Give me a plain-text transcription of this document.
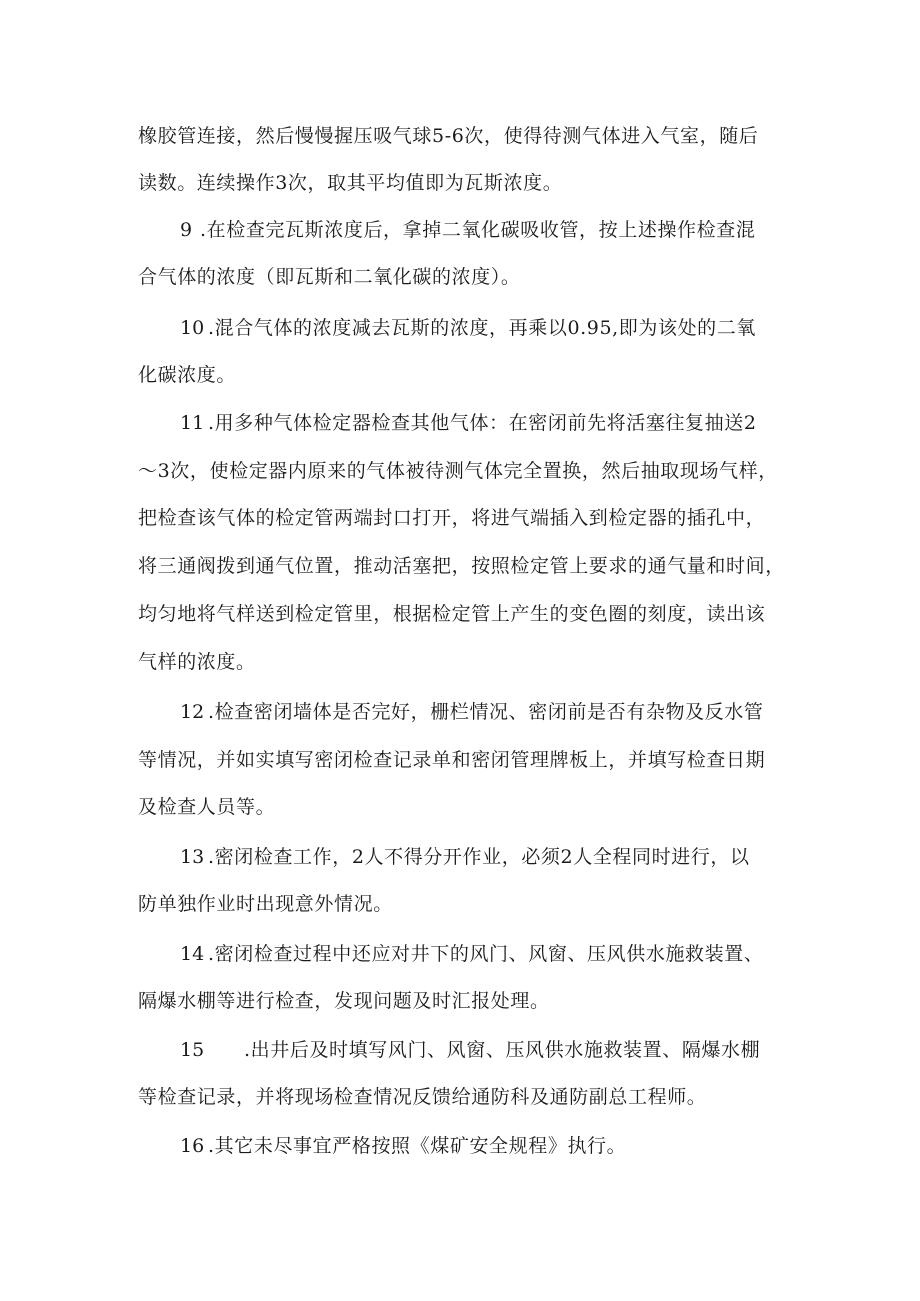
橡胶管连接，然后慢慢握压吸气球5-6次，使得待测气体进入气室，随后

读数。连续操作3次，取其平均值即为瓦斯浓度。

9 .在检查完瓦斯浓度后，拿掉二氧化碳吸收管，按上述操作检查混

合气体的浓度（即瓦斯和二氧化碳的浓度）。

10 .混合气体的浓度减去瓦斯的浓度，再乘以0.95,即为该处的二氧

化碳浓度。

11 .用多种气体检定器检查其他气体：在密闭前先将活塞往复抽送2

～3次，使检定器内原来的气体被待测气体完全置换，然后抽取现场气样，

把检查该气体的检定管两端封口打开，将进气端插入到检定器的插孔中，

将三通阀拨到通气位置，推动活塞把，按照检定管上要求的通气量和时间，

均匀地将气样送到检定管里，根据检定管上产生的变色圈的刻度，读出该

气样的浓度。

12 .检查密闭墙体是否完好，栅栏情况、密闭前是否有杂物及反水管

等情况，并如实填写密闭检查记录单和密闭管理牌板上，并填写检查日期

及检查人员等。

13 .密闭检查工作，2人不得分开作业，必须2人全程同时进行，以

防单独作业时出现意外情况。

14 .密闭检查过程中还应对井下的风门、风窗、压风供水施救装置、

隔爆水棚等进行检查，发现问题及时汇报处理。

15 .出井后及时填写风门、风窗、压风供水施救装置、隔爆水棚

等检查记录，并将现场检查情况反馈给通防科及通防副总工程师。

16 .其它未尽事宜严格按照《煤矿安全规程》执行。
